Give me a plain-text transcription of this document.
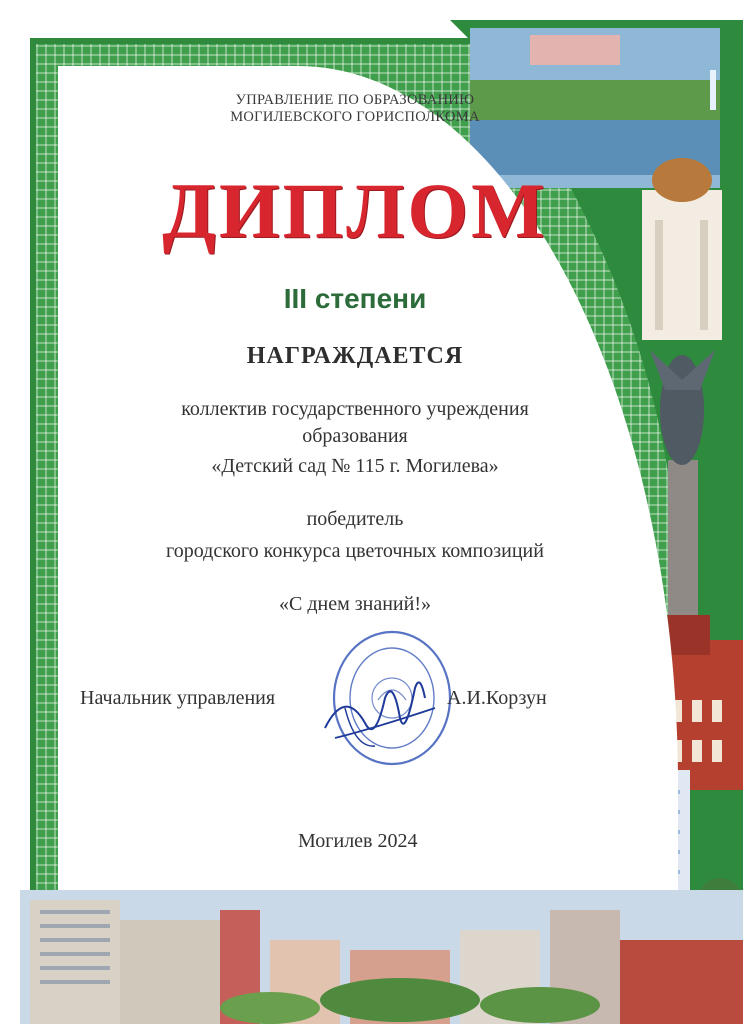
УПРАВЛЕНИЕ ПО ОБРАЗОВАНИЮ
МОГИЛЕВСКОГО ГОРИСПОЛКОМА
ДИПЛОМ
III степени
НАГРАЖДАЕТСЯ
коллектив государственного учреждения
образования
«Детский сад № 115 г. Могилева»
победитель
городского конкурса цветочных композиций
«С днем знаний!»
Начальник управления	А.И.Корзун
Могилев 2024
